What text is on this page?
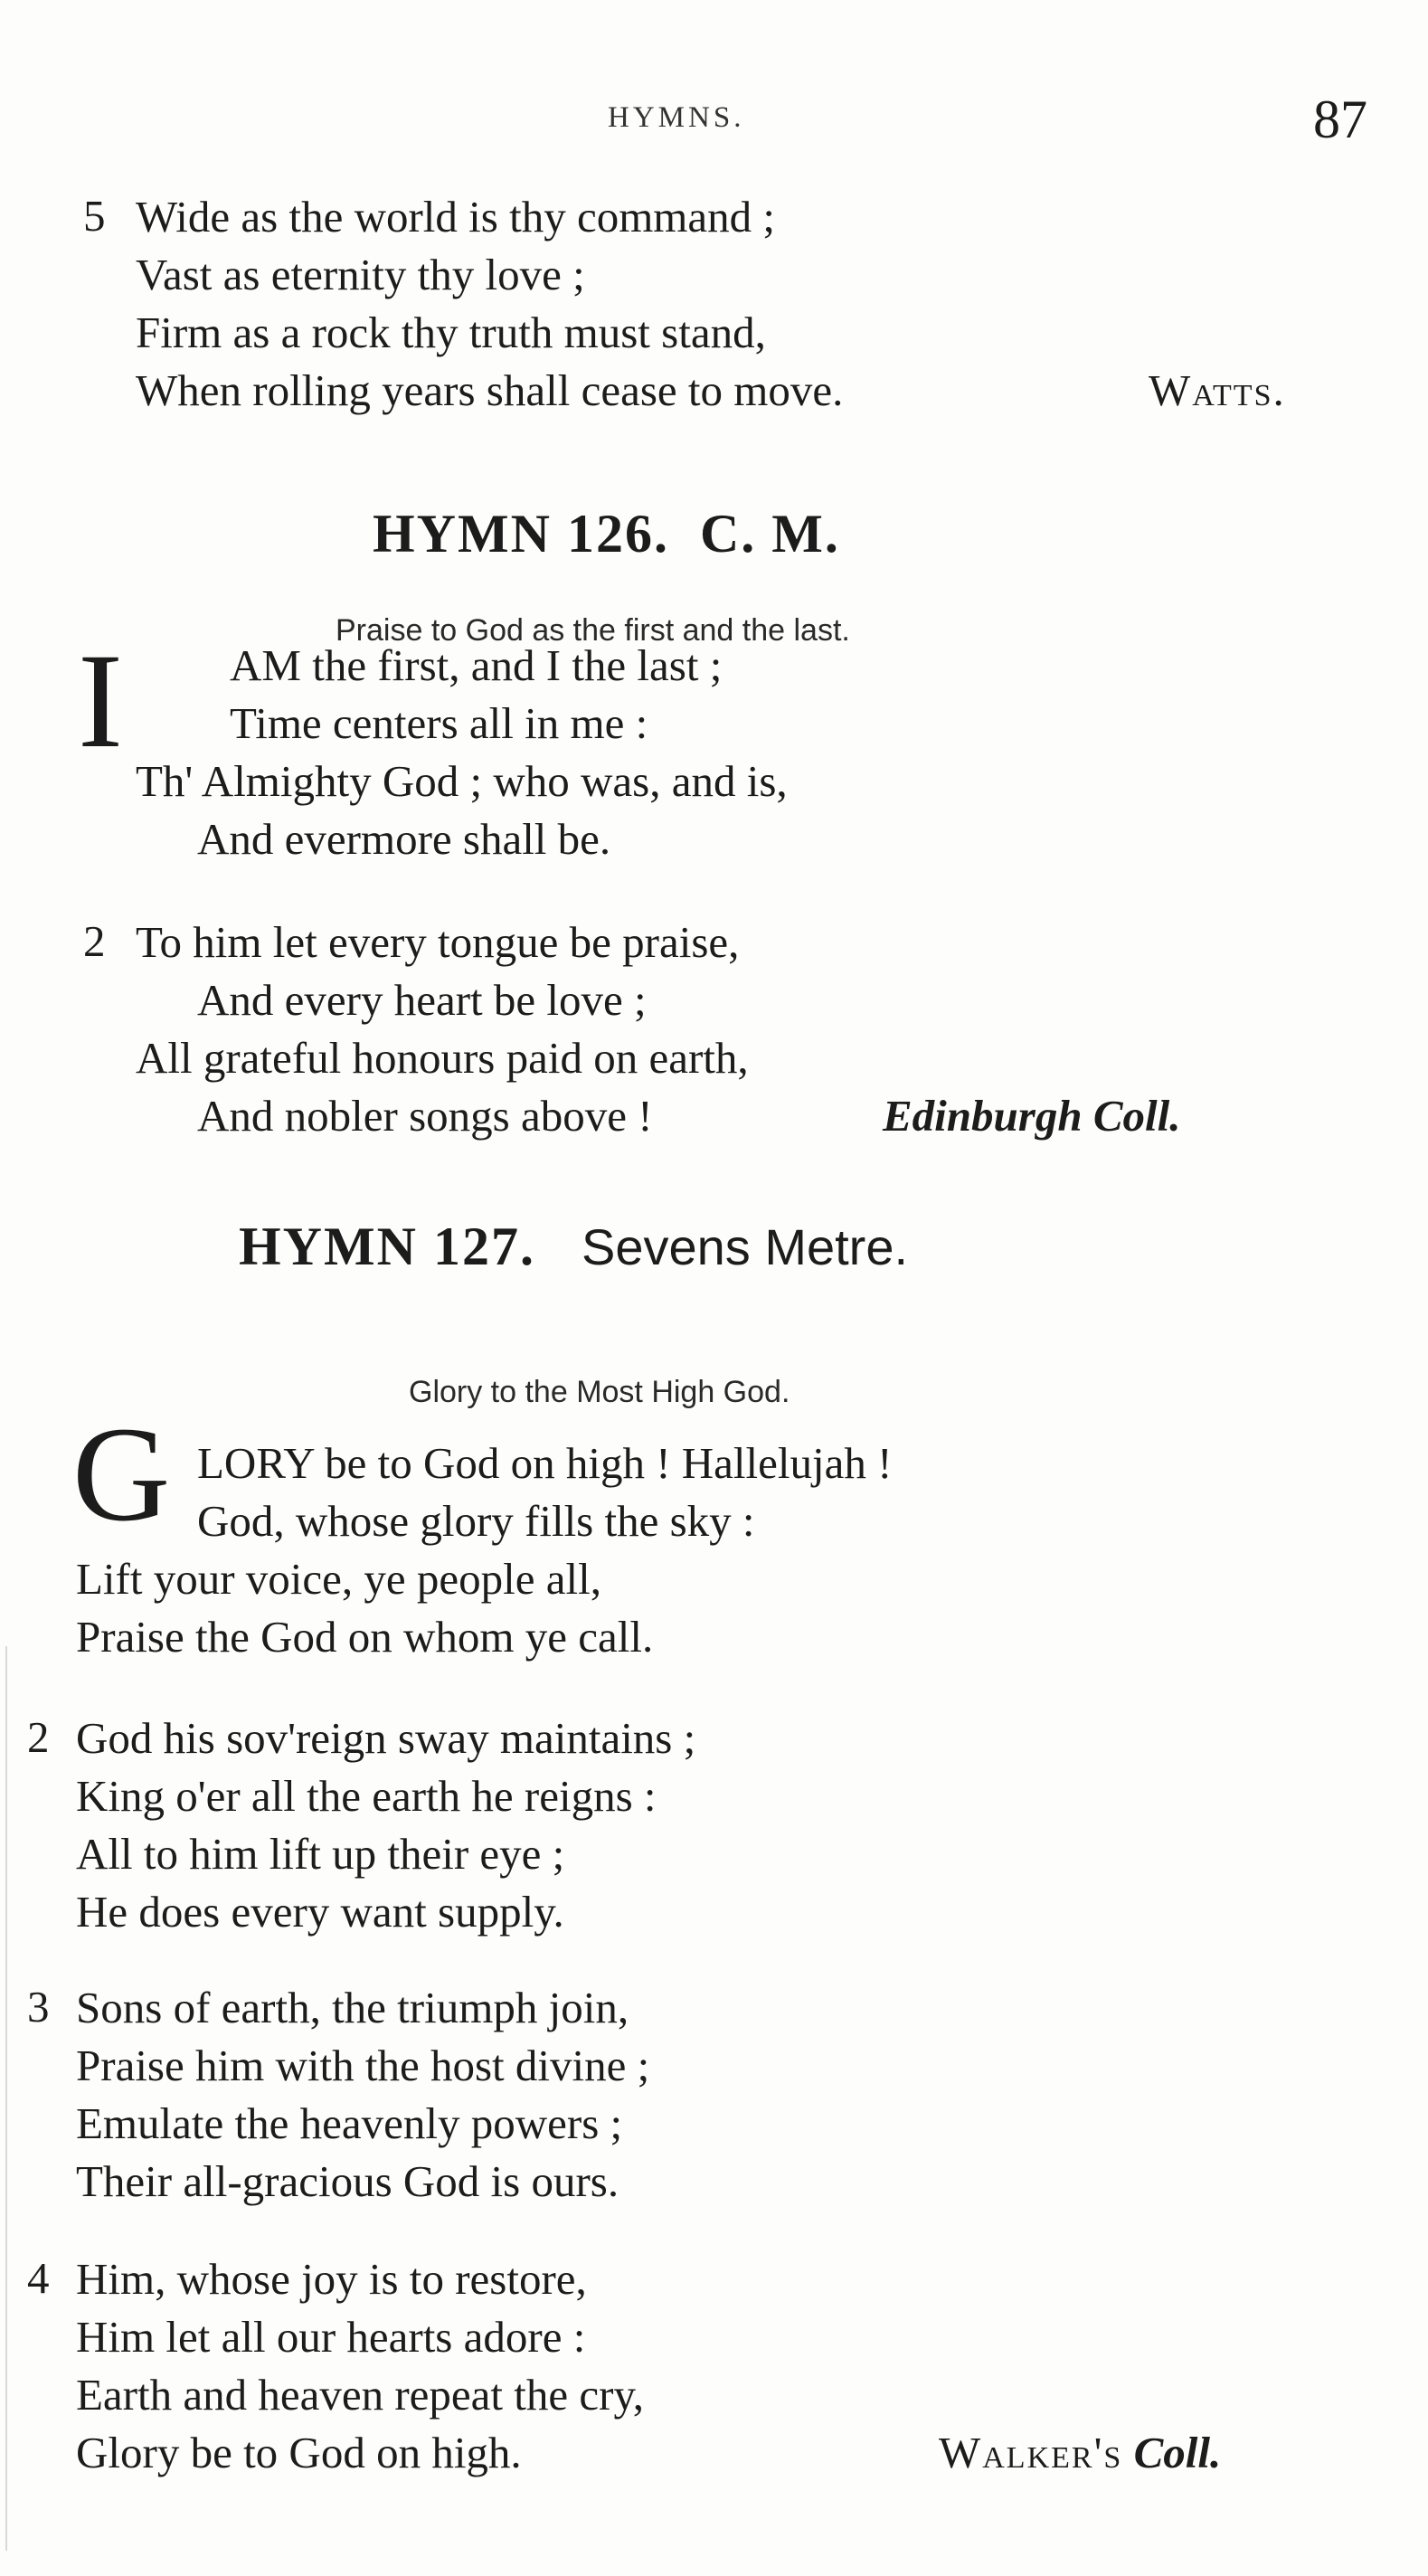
HYMNS.	87
5 Wide as the world is thy command ;
Vast as eternity thy love ;
Firm as a rock thy truth must stand,
When rolling years shall cease to move.	Watts.
HYMN 126. C. M.
Praise to God as the first and the last.
I AM the first, and I the last ;
Time centers all in me :
Th' Almighty God ; who was, and is,
And evermore shall be.
2 To him let every tongue be praise,
And every heart be love ;
All grateful honours paid on earth,
And nobler songs above !	Edinburgh Coll.
HYMN 127. Sevens Metre.
Glory to the Most High God.
G LORY be to God on high ! Hallelujah !
God, whose glory fills the sky :
Lift your voice, ye people all,
Praise the God on whom ye call.
2 God his sov'reign sway maintains ;
King o'er all the earth he reigns :
All to him lift up their eye ;
He does every want supply.
3 Sons of earth, the triumph join,
Praise him with the host divine ;
Emulate the heavenly powers ;
Their all-gracious God is ours.
4 Him, whose joy is to restore,
Him let all our hearts adore :
Earth and heaven repeat the cry,
Glory be to God on high.	Walker's Coll.
